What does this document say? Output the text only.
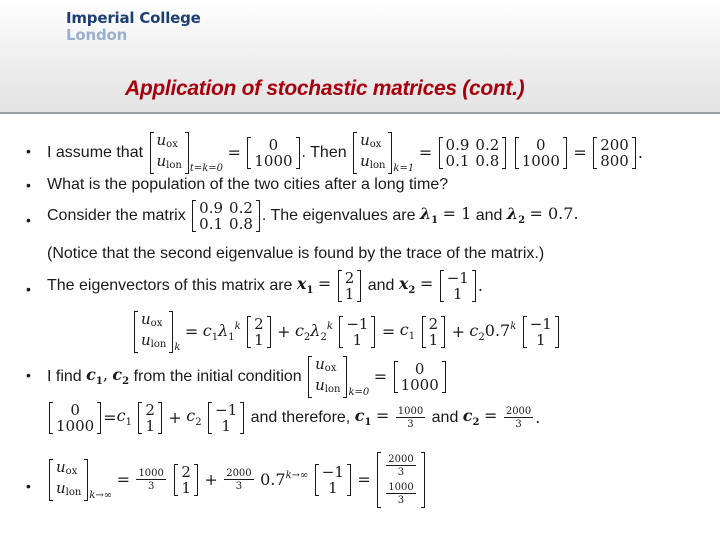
Imperial College
London
Application of stochastic matrices (cont.)
• I assume that
uox
ulon t=k=0 = 0
1000 . Then
uox
ulon k=1 = 0.9	0.2
0.1	0.8

0
1000 = 200
800 .
• What is the population of the two cities after a long time?
• Consider the matrix 0.9	0.2
0.1	0.8 . The eigenvalues are $\lambda_1 = 1$ and $\lambda_2 = 0.7$.
(Notice that the second eigenvalue is found by the trace of the matrix.)
• The eigenvectors of this matrix are $x_1 = 2$
1 and $x_2 = -1$
1 .
uox
ulon $k = c_1\lambda_1^k$ 2
$1 + c_2\lambda_2^k -1$
$1 = c_1$
2
$1 + c_20.7^k -1$
1
• I find $c_1$, $c_2$ from the initial condition
uox
ulon k=0 = 0
1000
0
$1000 =c_1$
2
$1 + c_2$
−1
1 and therefore, $c_1 = \frac{1000}{3}$ and $c_2 = \frac{2000}{3}$ .
•
uox
ulon $k\to\infty = \frac{1000}{3}$
2
$1 + \frac{2000}{3} 0.7^{k\to\infty} -1$
1 =
$\frac{2000}{3}$

$\frac{1000}{3}$
